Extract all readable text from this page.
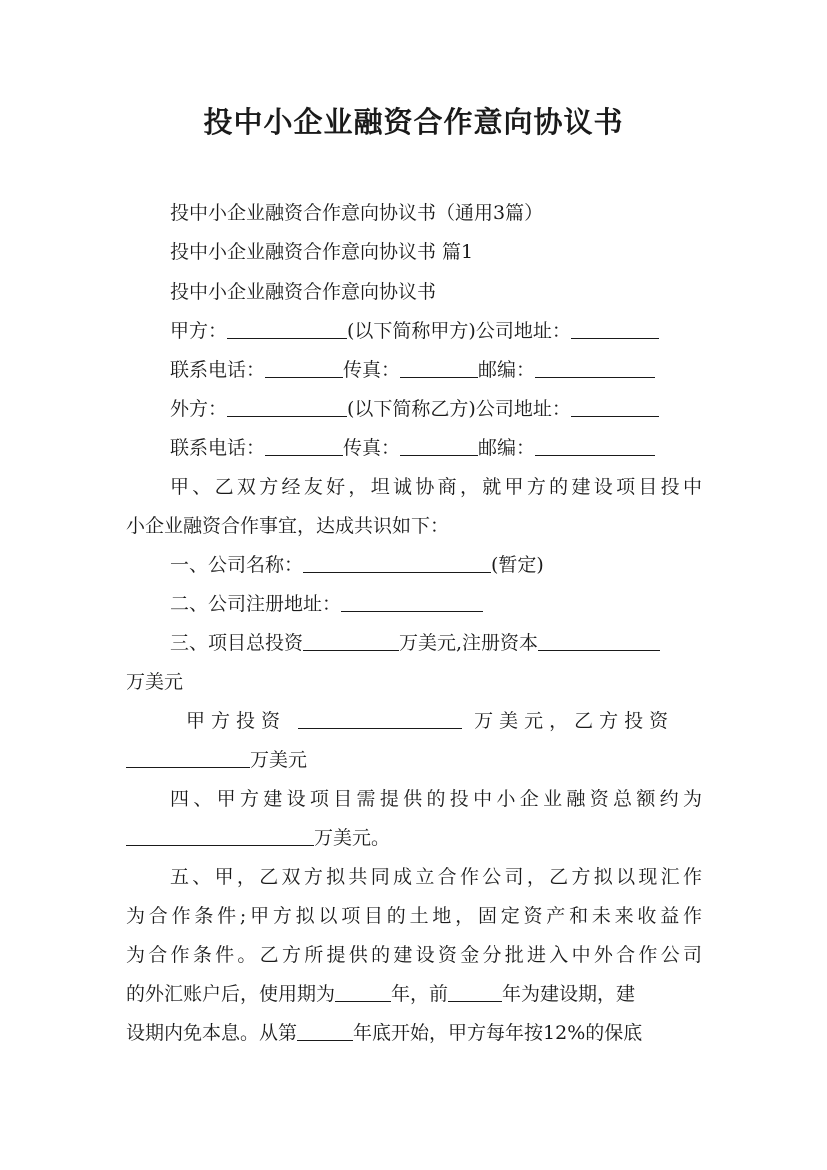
投中小企业融资合作意向协议书
投中小企业融资合作意向协议书（通用3篇）
投中小企业融资合作意向协议书 篇1
投中小企业融资合作意向协议书
甲方：	(以下简称甲方)公司地址：
联系电话：	传真：	邮编：
外方：	(以下简称乙方)公司地址：
联系电话：	传真：	邮编：
甲、乙双方经友好，坦诚协商，就甲方的建设项目投中
小企业融资合作事宜，达成共识如下：
一、公司名称：	(暂定)
二、公司注册地址：
三、项目总投资	万美元,注册资本
万美元
甲方投资	万美元，乙方投资
万美元
四、甲方建设项目需提供的投中小企业融资总额约为
万美元。
五、甲，乙双方拟共同成立合作公司，乙方拟以现汇作
为合作条件;甲方拟以项目的土地，固定资产和未来收益作
为合作条件。乙方所提供的建设资金分批进入中外合作公司
的外汇账户后，使用期为	年，前	年为建设期，建
设期内免本息。从第	年底开始，甲方每年按12%的保底
